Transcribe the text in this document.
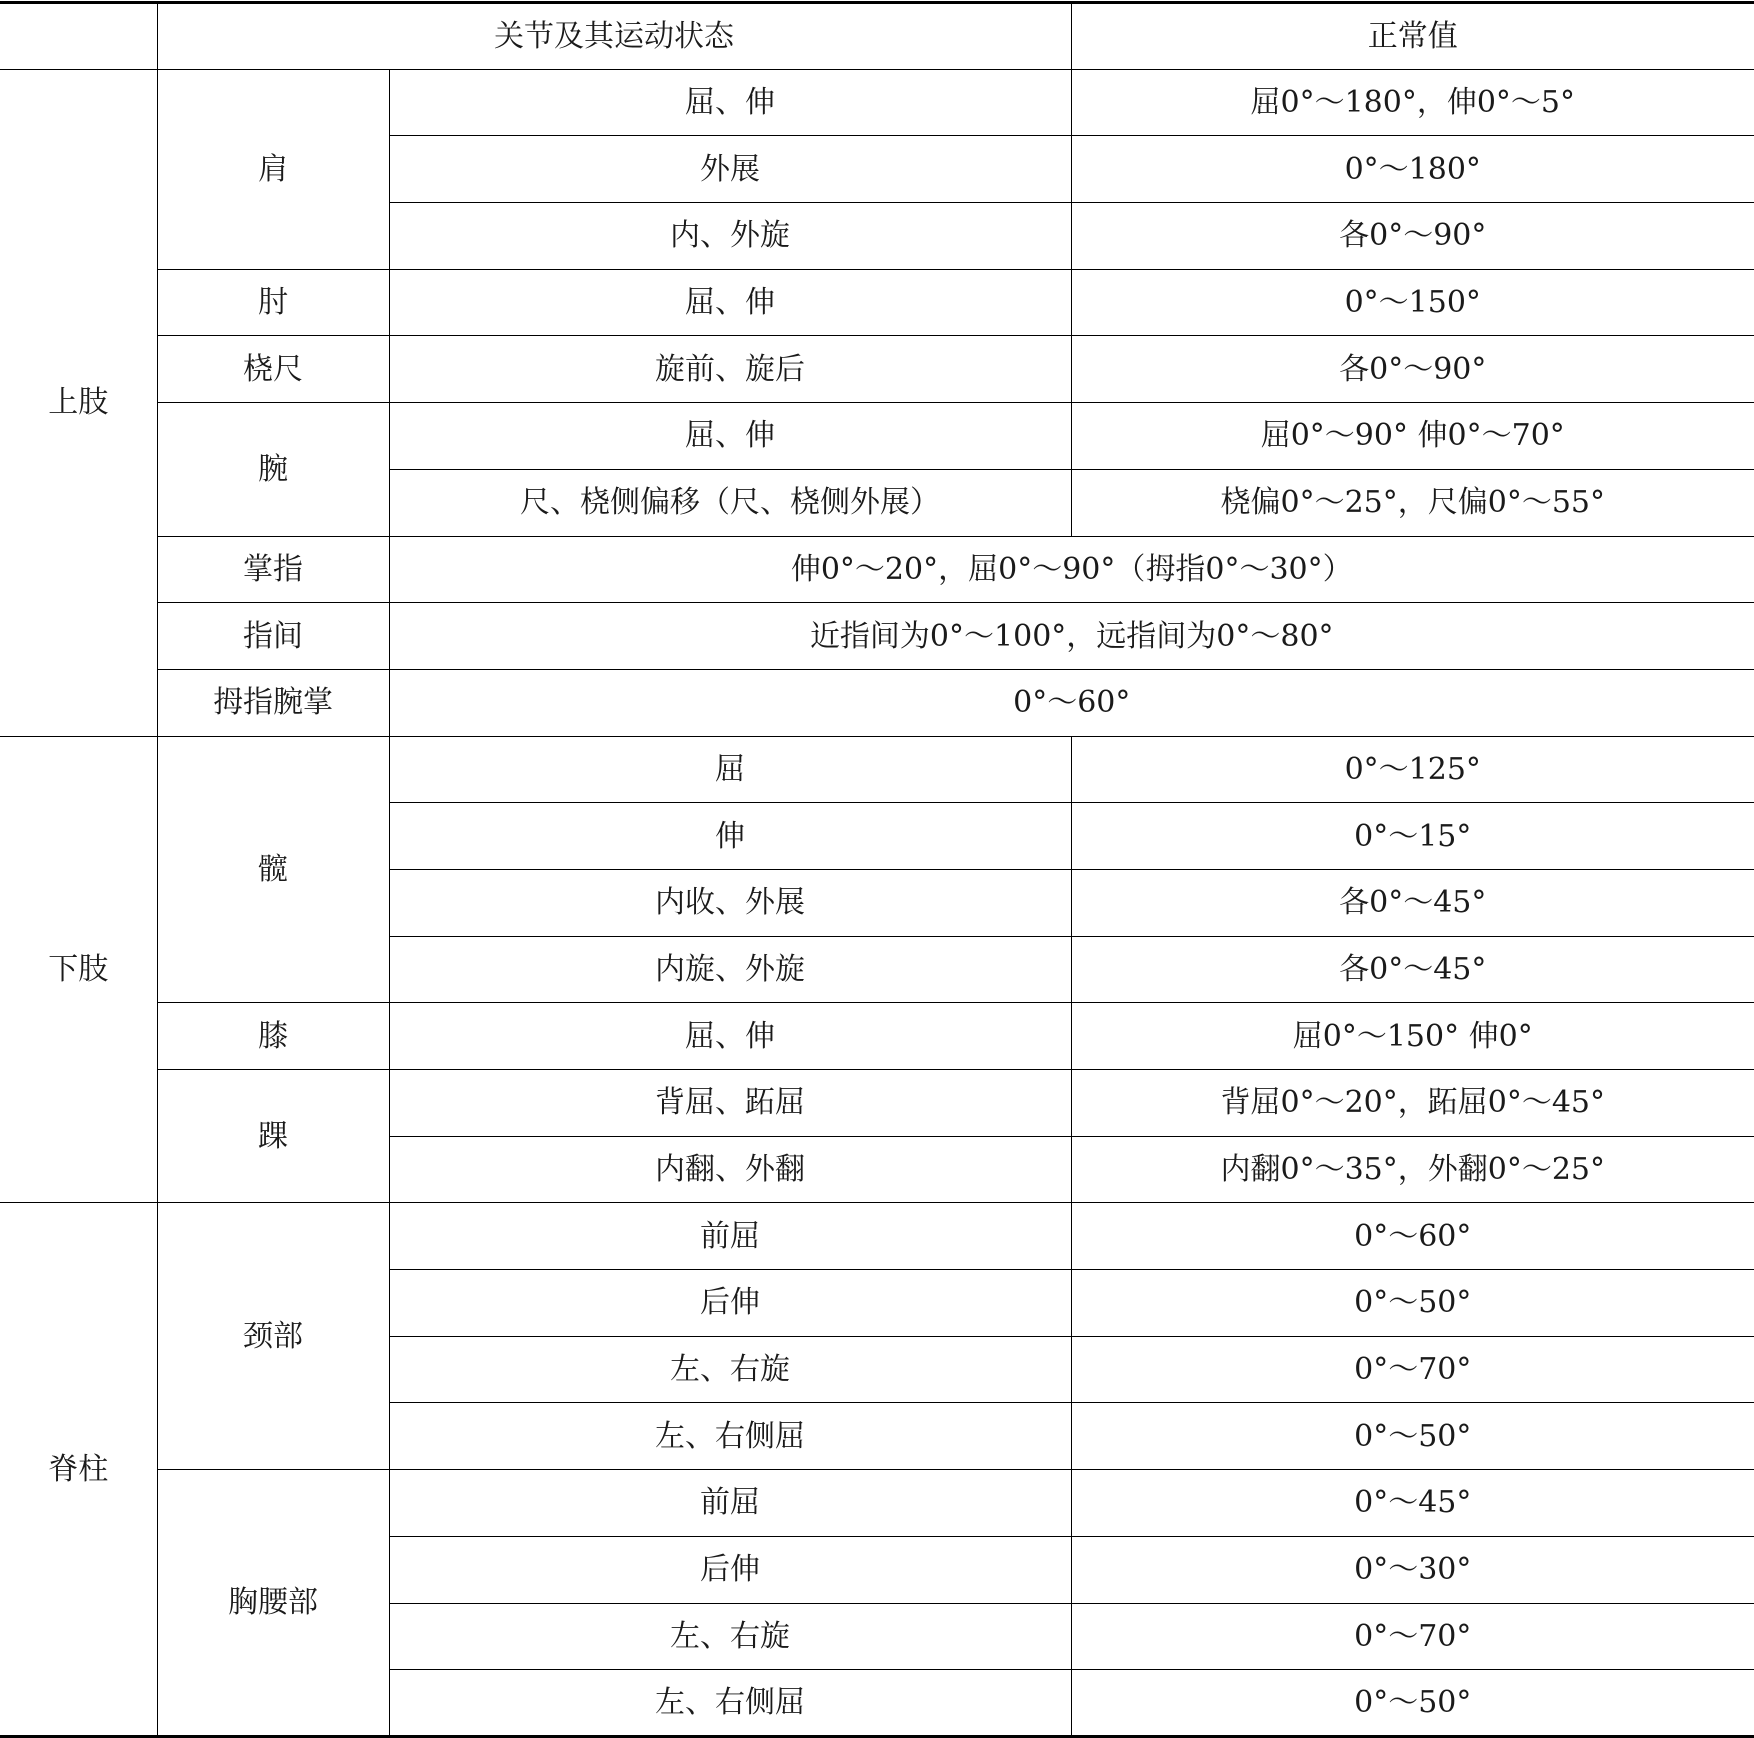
	关节及其运动状态		正常值
上肢	肩	屈、伸	屈0°～180°，伸0°～5°
		外展	0°～180°
		内、外旋	各0°～90°
	肘	屈、伸	0°～150°
	桡尺	旋前、旋后	各0°～90°
	腕	屈、伸	屈0°～90° 伸0°～70°
		尺、桡侧偏移（尺、桡侧外展）	桡偏0°～25°，尺偏0°～55°
	掌指	伸0°～20°，屈0°～90°（拇指0°～30°）	
	指间	近指间为0°～100°，远指间为0°～80°	
	拇指腕掌	0°～60°	
下肢	髋	屈	0°～125°
		伸	0°～15°
		内收、外展	各0°～45°
		内旋、外旋	各0°～45°
	膝	屈、伸	屈0°～150° 伸0°
	踝	背屈、跖屈	背屈0°～20°，跖屈0°～45°
		内翻、外翻	内翻0°～35°，外翻0°～25°
脊柱	颈部	前屈	0°～60°
		后伸	0°～50°
		左、右旋	0°～70°
		左、右侧屈	0°～50°
	胸腰部	前屈	0°～45°
		后伸	0°～30°
		左、右旋	0°～70°
		左、右侧屈	0°～50°
